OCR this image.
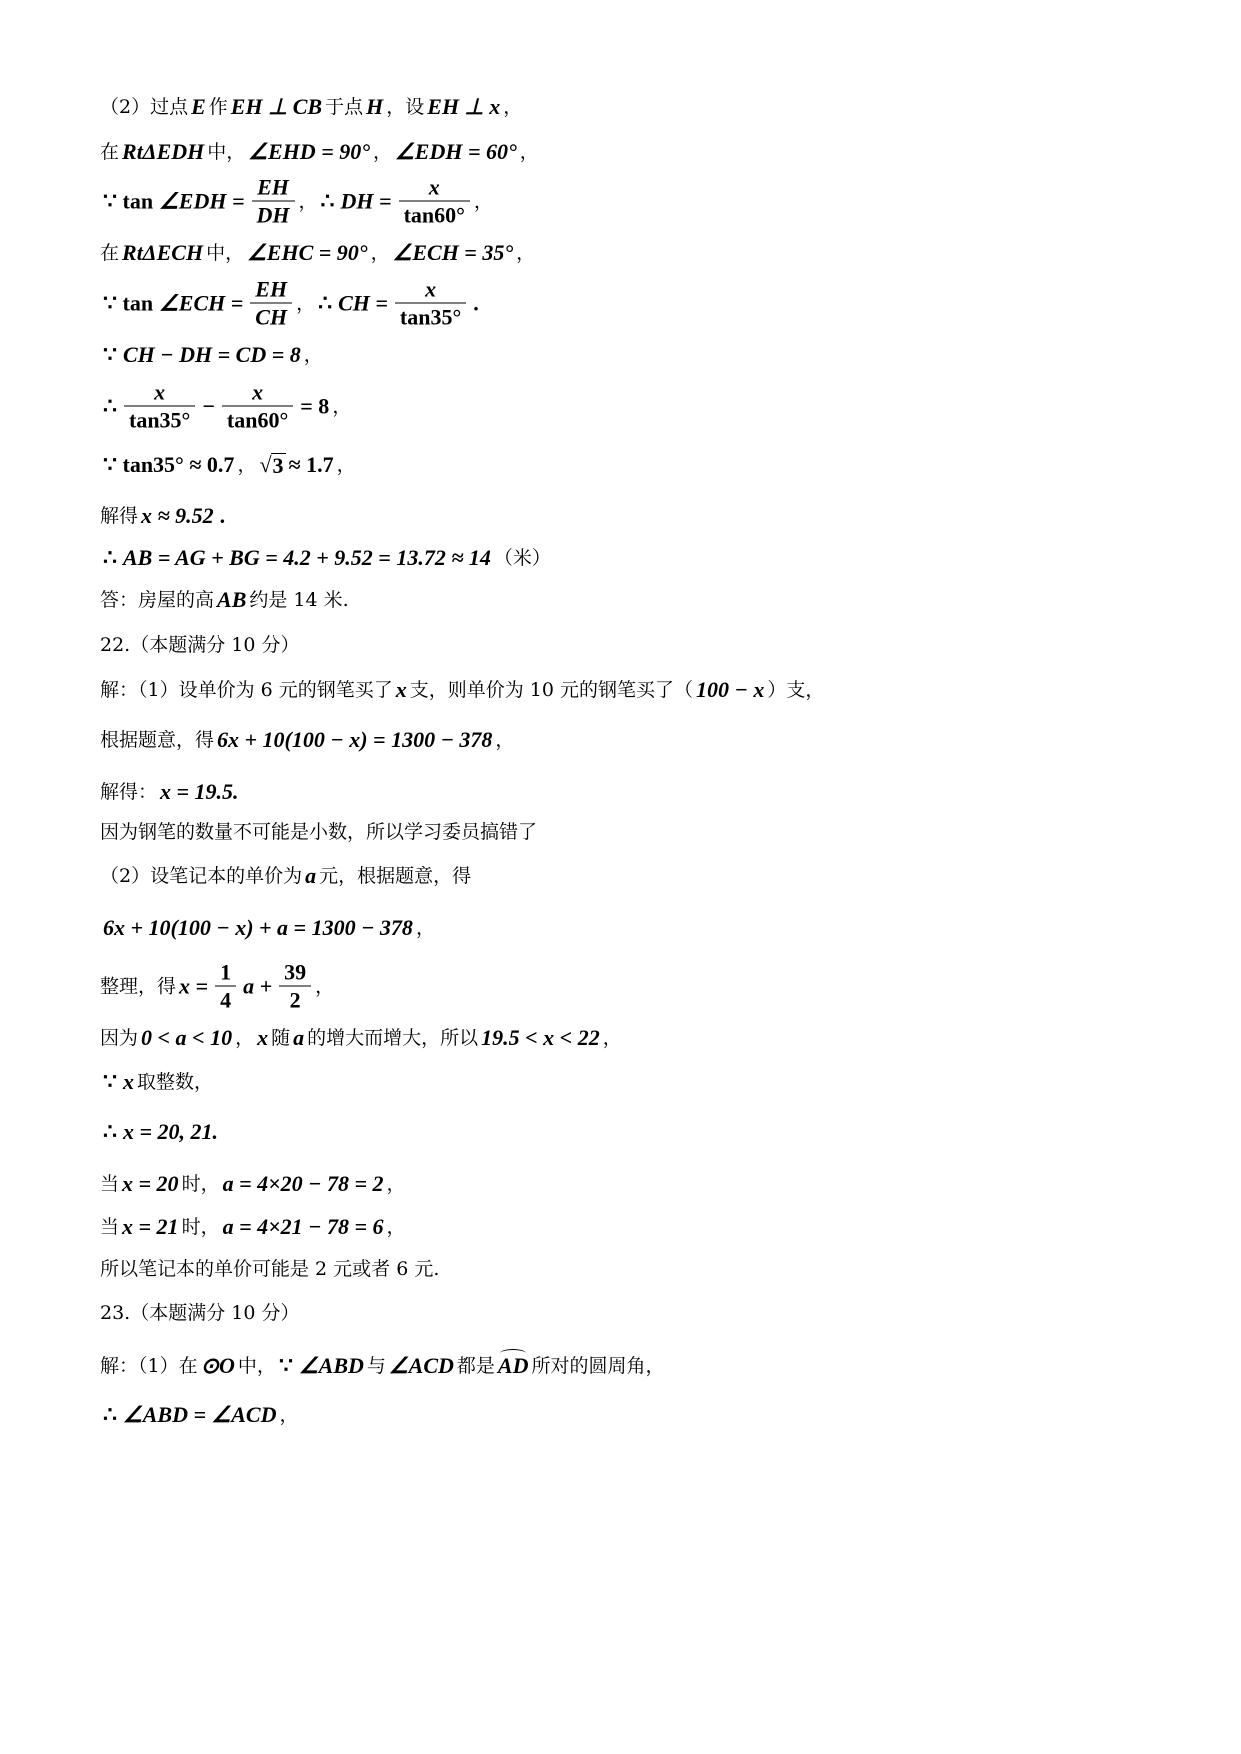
（2）过点 E 作 EH ⊥ CB 于点 H ，设 EH ⊥ x ，
在 RtΔEDH 中， ∠EHD = 90° ， ∠EDH = 60° ，
∵ tan ∠EDH = $\frac{EH}{DH}$ ， ∴ DH = $\frac{x}{\tan 60^\circ}$ ，
在 RtΔECH 中， ∠EHC = 90° ， ∠ECH = 35° ，
∵ tan ∠ECH = $\frac{EH}{CH}$ ， ∴ CH = $\frac{x}{\tan 35^\circ}$ .
∵ CH − DH = CD = 8 ，
∴ $\frac{x}{\tan 35^\circ} - \frac{x}{\tan 60^\circ} = 8$ ，
∵ tan35° ≈ 0.7 ， √ 3 ≈ 1.7 ，
解得 x ≈ 9.52 .
∴ AB = AG + BG = 4.2 + 9.52 = 13.72 ≈ 14 （米）
答：房屋的高 AB 约是 14 米.
22.（本题满分 10 分）
解：（1）设单价为 6 元的钢笔买了 x 支，则单价为 10 元的钢笔买了（ 100 − x ）支，
根据题意，得 6x + 10(100 − x) = 1300 − 378 ，
解得： x = 19.5.
因为钢笔的数量不可能是小数，所以学习委员搞错了
（2）设笔记本的单价为 a 元，根据题意，得
6x + 10(100 − x) + a = 1300 − 378 ，
整理，得 $x = \frac{1}{4}$ $a + \frac{39}{2}$ ，
因为 0 < a < 10 ， x 随 a 的增大而增大，所以 19.5 < x < 22 ，
∵ x 取整数，
∴ x = 20, 21.
当 x = 20 时， a = 4×20 − 78 = 2 ，
当 x = 21 时， a = 4×21 − 78 = 6 ，
所以笔记本的单价可能是 2 元或者 6 元.
23.（本题满分 10 分）
解：（1）在 ⊙O 中， ∵ ∠ABD 与 ∠ACD 都是 AD 所对的圆周角，
∴ ∠ABD = ∠ACD ，
